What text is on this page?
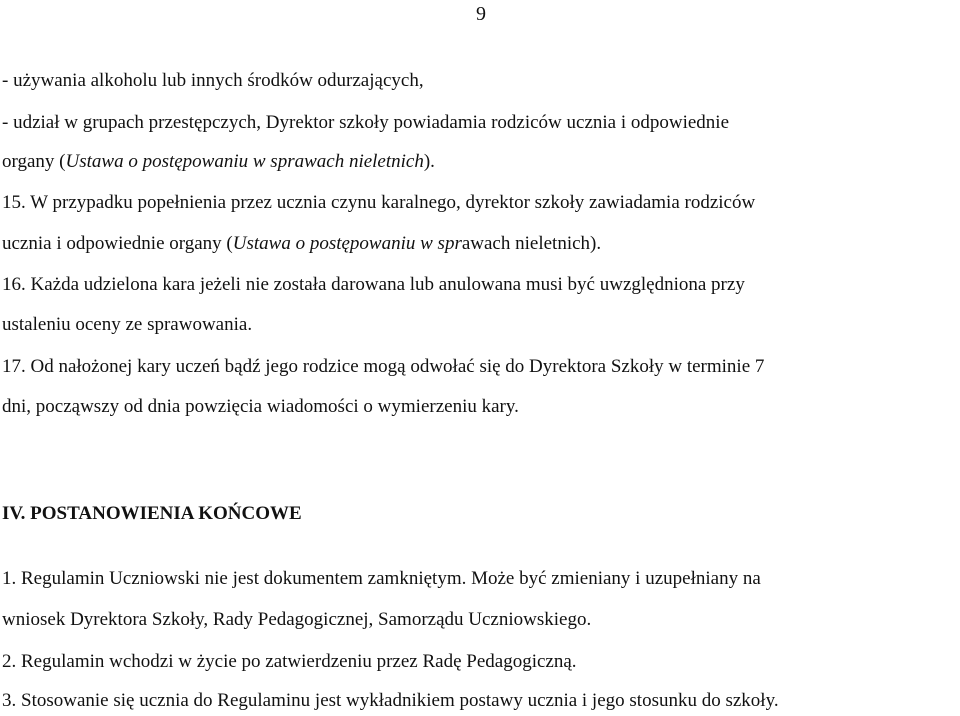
9
- używania alkoholu lub innych środków odurzających,
- udział w grupach przestępczych, Dyrektor szkoły powiadamia rodziców ucznia i odpowiednie
organy (Ustawa o postępowaniu w sprawach nieletnich).
15. W przypadku popełnienia przez ucznia czynu karalnego, dyrektor szkoły zawiadamia rodziców
ucznia i odpowiednie organy (Ustawa o postępowaniu w sprawach nieletnich).
16. Każda udzielona kara jeżeli nie została darowana lub anulowana musi być uwzględniona przy
ustaleniu oceny ze sprawowania.
17. Od nałożonej kary uczeń bądź jego rodzice mogą odwołać się do Dyrektora Szkoły w terminie 7
dni, począwszy od dnia powzięcia wiadomości o wymierzeniu kary.
IV. POSTANOWIENIA KOŃCOWE
1. Regulamin Uczniowski nie jest dokumentem zamkniętym. Może być zmieniany i uzupełniany na
wniosek Dyrektora Szkoły, Rady Pedagogicznej, Samorządu Uczniowskiego.
2. Regulamin wchodzi w życie po zatwierdzeniu przez Radę Pedagogiczną.
3. Stosowanie się ucznia do Regulaminu jest wykładnikiem postawy ucznia i jego stosunku do szkoły.
